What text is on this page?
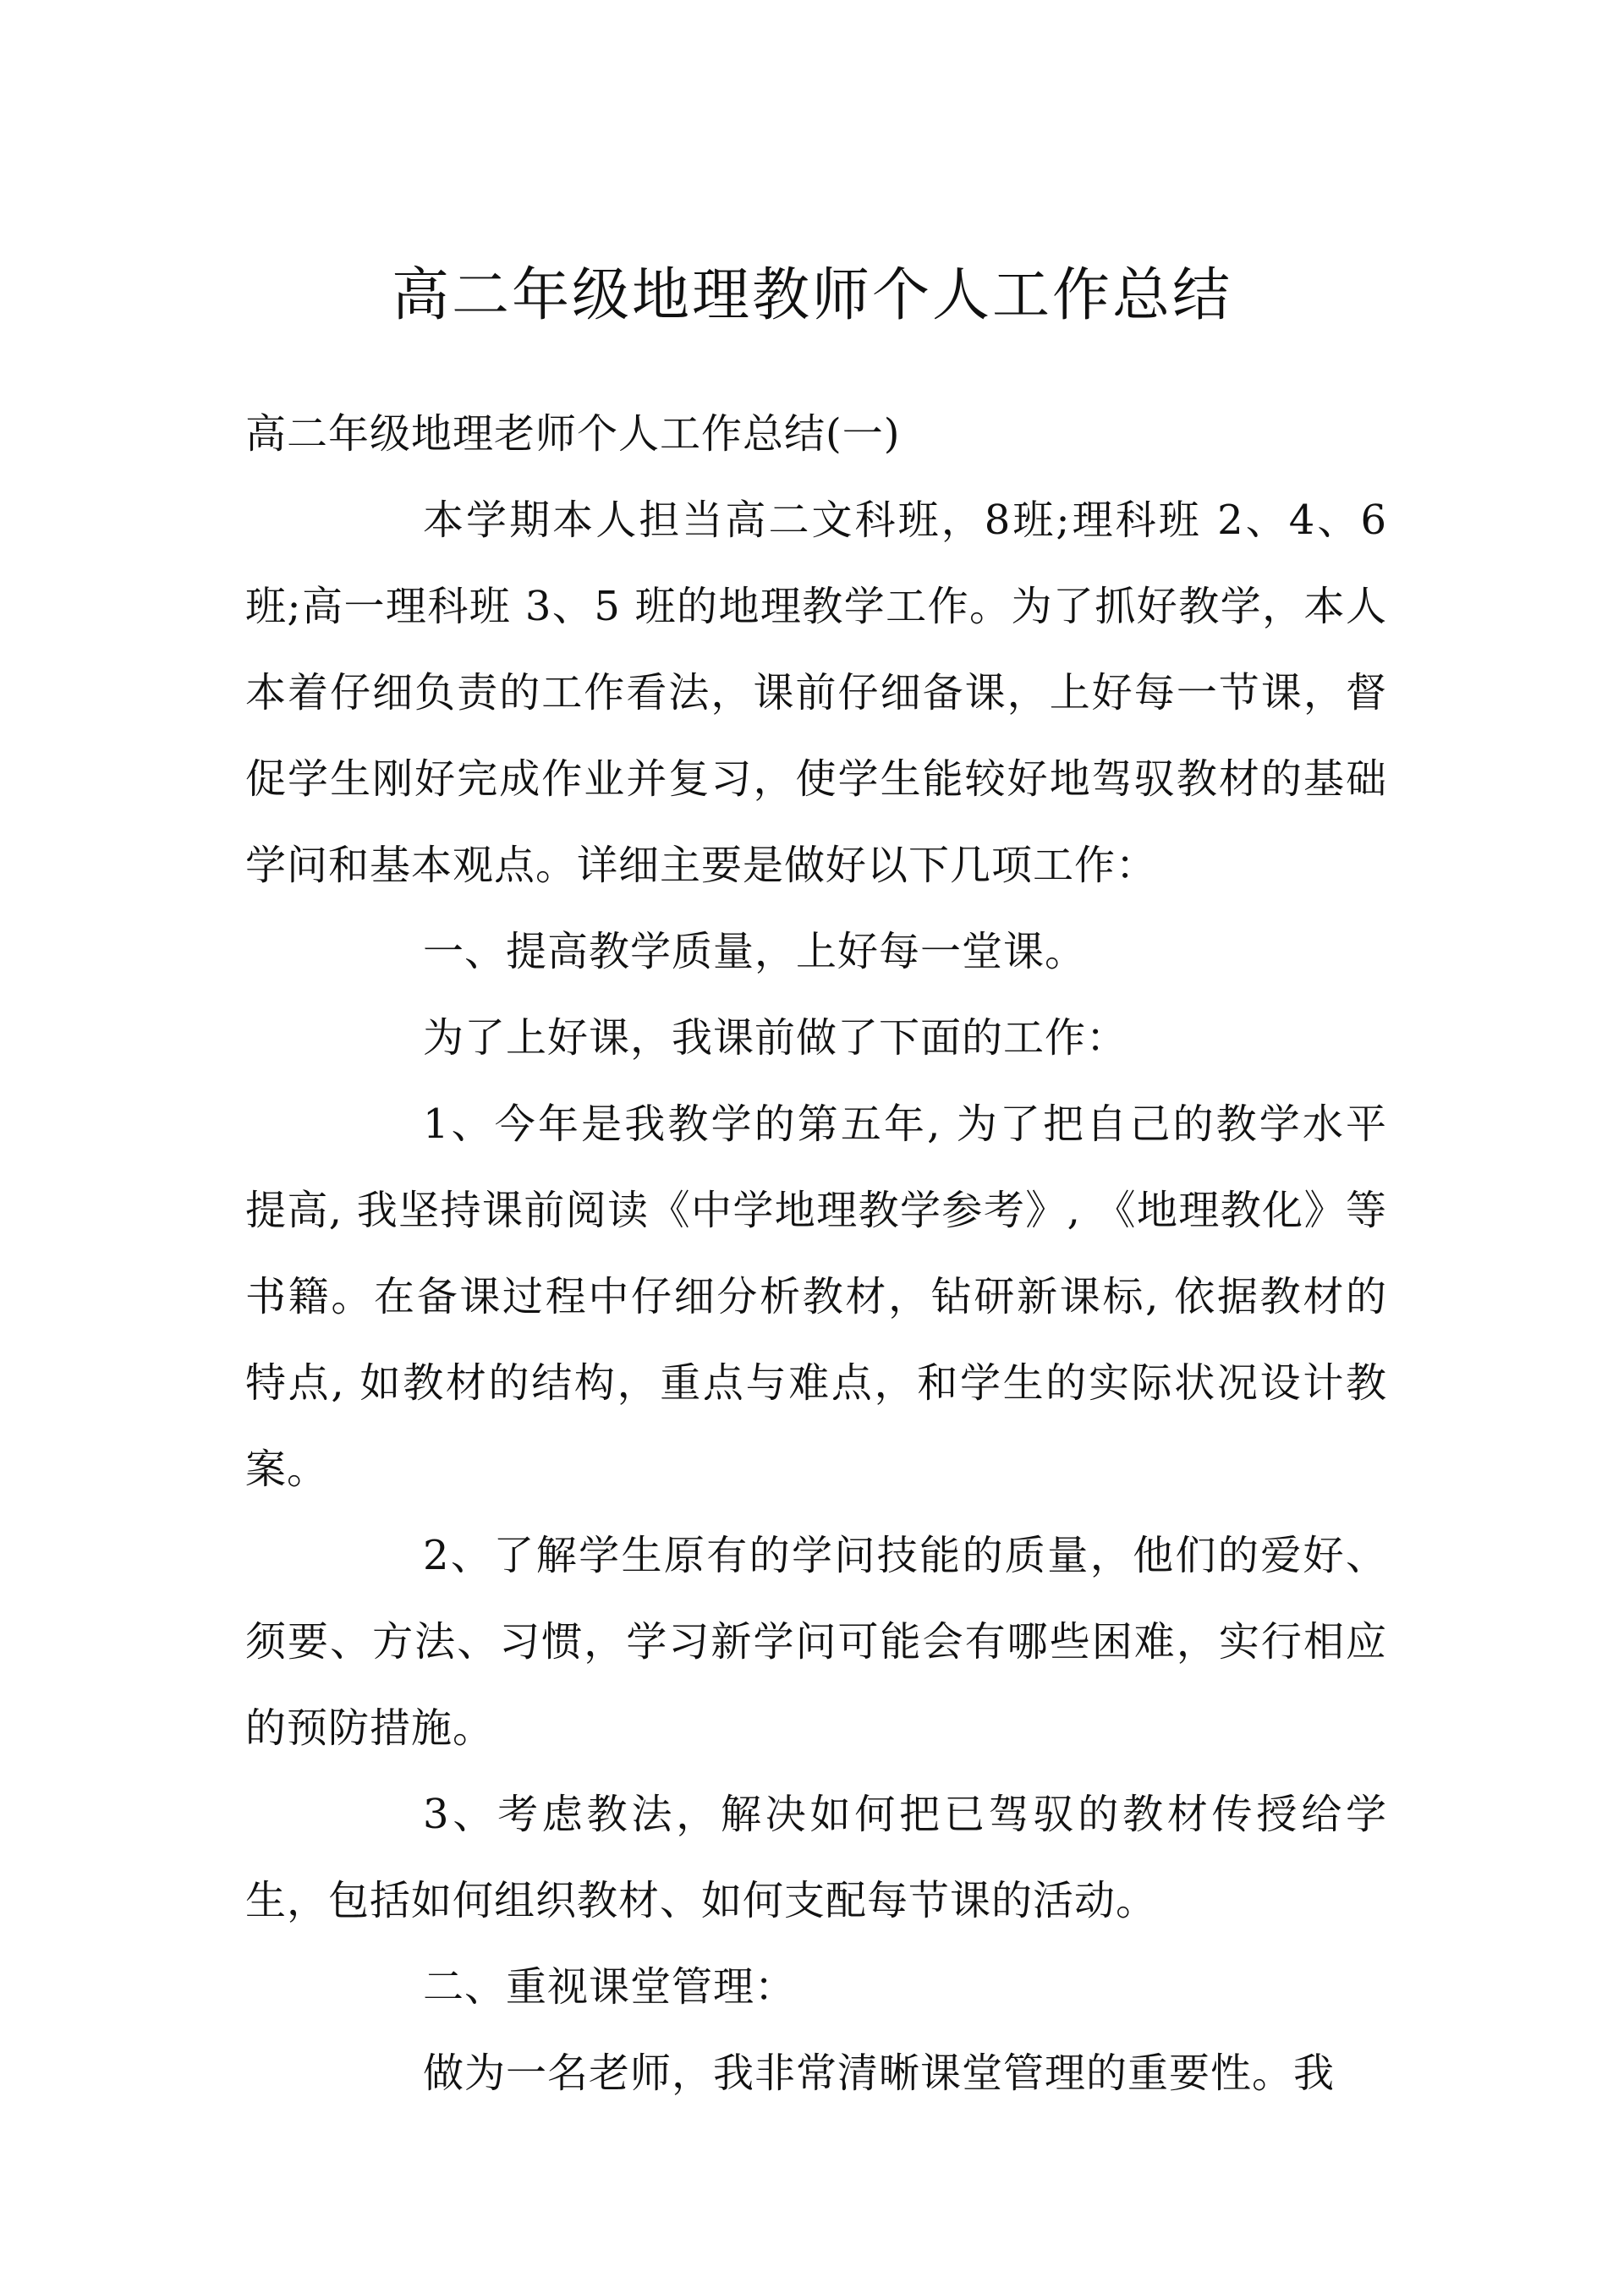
高二年级地理教师个人工作总结

高二年级地理老师个人工作总结(一)

本学期本人担当高二文科班，8班;理科班 2、4、6 班;高一理科班 3、5 班的地理教学工作。为了抓好教学，本人本着仔细负责的工作看法，课前仔细备课，上好每一节课，督促学生刚好完成作业并复习，使学生能较好地驾驭教材的基础学问和基本观点。详细主要是做好以下几项工作：

一、提高教学质量，上好每一堂课。

为了上好课，我课前做了下面的工作：

1、今年是我教学的第五年, 为了把自己的教学水平提高, 我坚持课前阅读《中学地理教学参考》, 《地理教化》等书籍。在备课过程中仔细分析教材，钻研新课标, 依据教材的特点, 如教材的结构，重点与难点，和学生的实际状况设计教案。

2、了解学生原有的学问技能的质量，他们的爱好、须要、方法、习惯，学习新学问可能会有哪些困难，实行相应的预防措施。

3、考虑教法，解决如何把已驾驭的教材传授给学生，包括如何组织教材、如何支配每节课的活动。

二、重视课堂管理：

做为一名老师，我非常清晰课堂管理的重要性。我
